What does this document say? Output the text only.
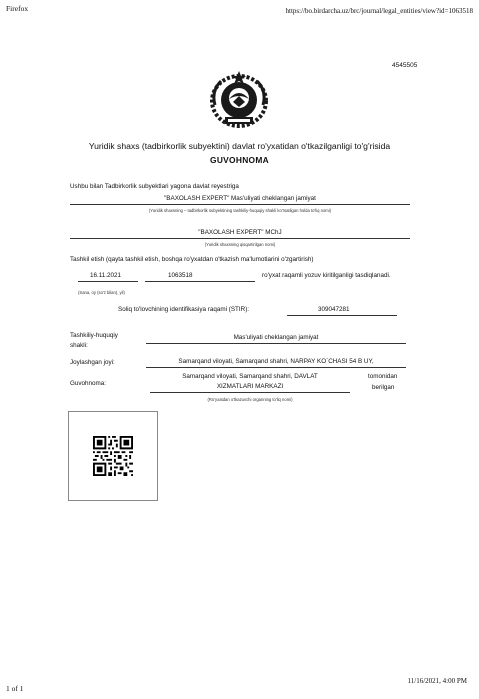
Firefox	https://bo.birdarcha.uz/brc/journal/legal_entities/view?id=1063518
4545505
Yuridik shaxs (tadbirkorlik subyektini) davlat ro'yxatidan o'tkazilganligi to'g'risida
GUVOHNOMA
Ushbu bilan Tadbirkorlik subyektlari yagona davlat reyestriga
"BAXOLASH EXPERT" Mas'uliyati cheklangan jamiyat
(Yuridik shaxsning – tadbirkorlik subyektining tashkiliy-huquqiy shakli ko'rsatilgan holda to'liq nomi)
"BAXOLASH EXPERT" MChJ
(Yuridik shaxsning qisqartirilgan nomi)
Tashkil etish (qayta tashkil etish, boshqa ro'yxatdan o'tkazish ma'lumotlarini o'zgartirish)
16.11.2021	1063518	ro'yxat raqamli yozuv kiritilganligi tasdiqlanadi.
(Sana, oy (so'z bilan), yil)
Soliq to'lovchining identifikasiya raqami (STIR):	309047281
Tashkiliy-huquqiy shakli:
Mas'uliyati cheklangan jamiyat
Joylashgan joyi:	Samarqand viloyati, Samarqand shahri, NARPAY KO`CHASI 54 B UY,
Guvohnoma:
Samarqand viloyati, Samarqand shahri, DAVLAT
XIZMATLARI MARKAZI
tomonidan
berilgan
(Ro'yxatdan o'tkazuvchi organning to'liq nomi)
1 of 1
11/16/2021, 4:00 PM
